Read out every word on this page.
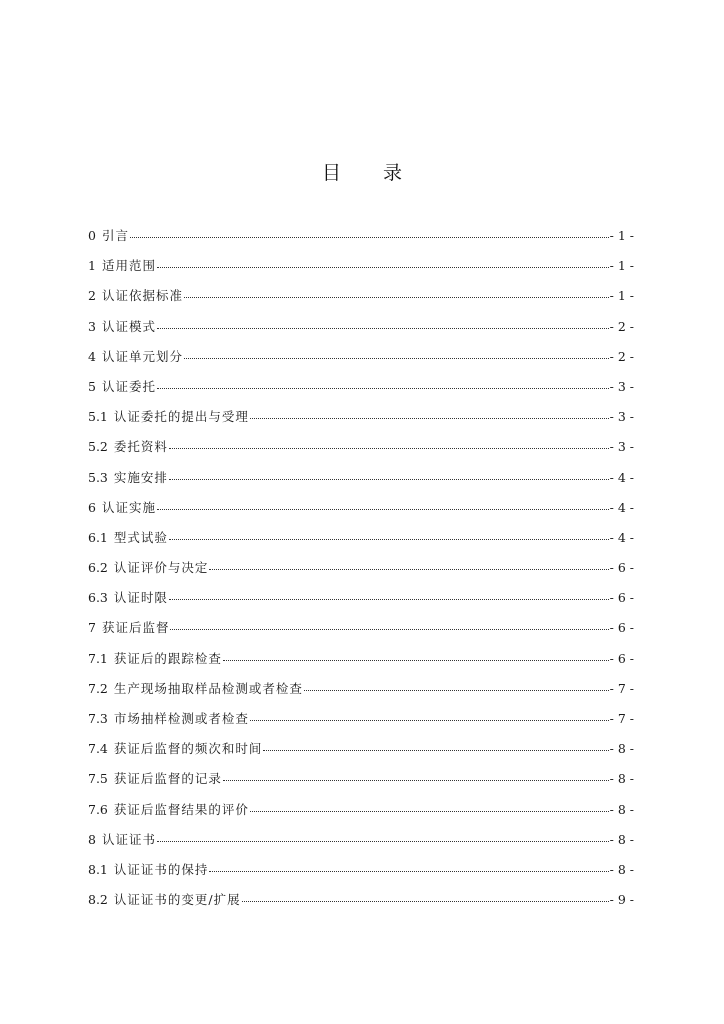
目 录
0 引言	- 1 -
1 适用范围	- 1 -
2 认证依据标准	- 1 -
3 认证模式	- 2 -
4 认证单元划分	- 2 -
5 认证委托	- 3 -
5.1 认证委托的提出与受理	- 3 -
5.2 委托资料	- 3 -
5.3 实施安排	- 4 -
6 认证实施	- 4 -
6.1 型式试验	- 4 -
6.2 认证评价与决定	- 6 -
6.3 认证时限	- 6 -
7 获证后监督	- 6 -
7.1 获证后的跟踪检查	- 6 -
7.2 生产现场抽取样品检测或者检查	- 7 -
7.3 市场抽样检测或者检查	- 7 -
7.4 获证后监督的频次和时间	- 8 -
7.5 获证后监督的记录	- 8 -
7.6 获证后监督结果的评价	- 8 -
8 认证证书	- 8 -
8.1 认证证书的保持	- 8 -
8.2 认证证书的变更/扩展	- 9 -
